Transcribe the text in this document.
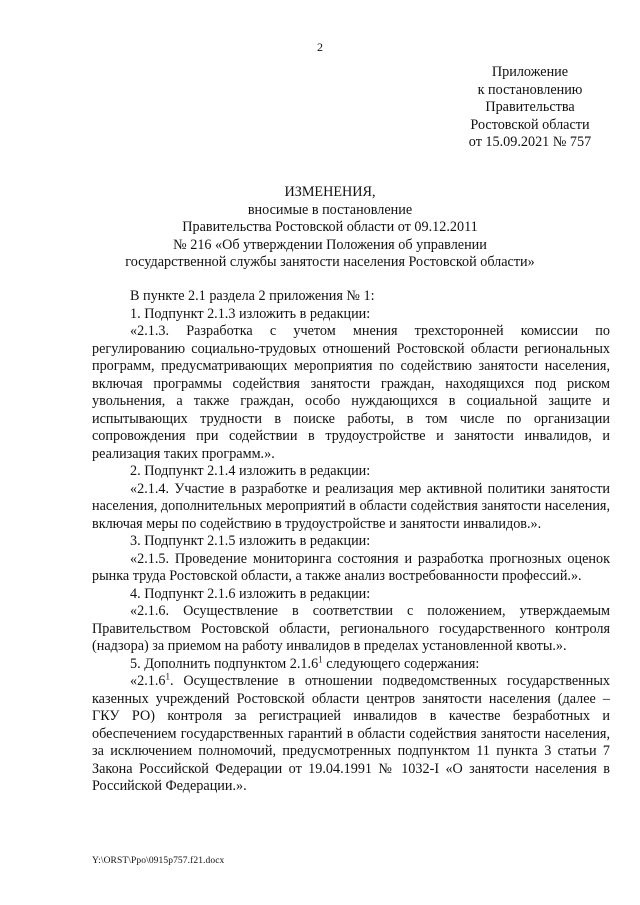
2
Приложение
к постановлению
Правительства
Ростовской области
от 15.09.2021 № 757
ИЗМЕНЕНИЯ,
вносимые в постановление
Правительства Ростовской области от 09.12.2011
№ 216 «Об утверждении Положения об управлении
государственной службы занятости населения Ростовской области»

В пункте 2.1 раздела 2 приложения № 1:

1. Подпункт 2.1.3 изложить в редакции:

«2.1.3. Разработка с учетом мнения трехсторонней комиссии по регулированию социально-трудовых отношений Ростовской области региональных программ, предусматривающих мероприятия по содействию занятости населения, включая программы содействия занятости граждан, находящихся под риском увольнения, а также граждан, особо нуждающихся в социальной защите и испытывающих трудности в поиске работы, в том числе по организации сопровождения при содействии в трудоустройстве и занятости инвалидов, и реализация таких программ.».

2. Подпункт 2.1.4 изложить в редакции:

«2.1.4. Участие в разработке и реализация мер активной политики занятости населения, дополнительных мероприятий в области содействия занятости населения, включая меры по содействию в трудоустройстве и занятости инвалидов.».

3. Подпункт 2.1.5 изложить в редакции:

«2.1.5. Проведение мониторинга состояния и разработка прогнозных оценок рынка труда Ростовской области, а также анализ востребованности профессий.».

4. Подпункт 2.1.6 изложить в редакции:

«2.1.6. Осуществление в соответствии с положением, утверждаемым Правительством Ростовской области, регионального государственного контроля (надзора) за приемом на работу инвалидов в пределах установленной квоты.».

5. Дополнить подпунктом 2.1.6$^1$ следующего содержания:

«2.1.6$^1$. Осуществление в отношении подведомственных государственных казенных учреждений Ростовской области центров занятости населения (далее – ГКУ РО) контроля за регистрацией инвалидов в качестве безработных и обеспечением государственных гарантий в области содействия занятости населения, за исключением полномочий, предусмотренных подпунктом 11 пункта 3 статьи 7 Закона Российской Федерации от 19.04.1991 № 1032-I «О занятости населения в Российской Федерации.».

Y:\ORST\Ppo\0915p757.f21.docx
